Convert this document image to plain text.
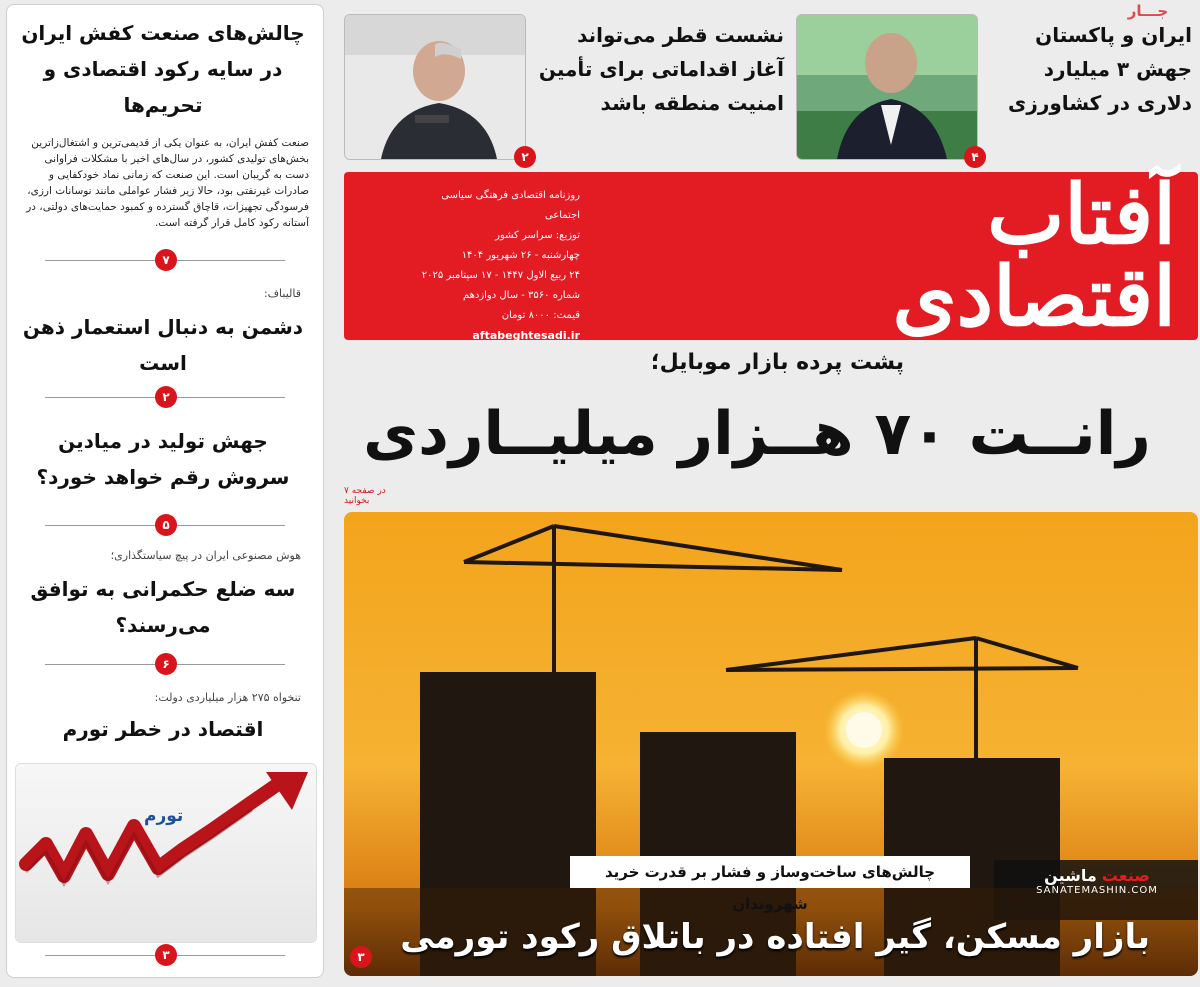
چالش‌های صنعت کفش ایران در سایه رکود اقتصادی و تحریم‌ها
صنعت کفش ایران، به عنوان یکی از قدیمی‌ترین و اشتغال‌زاترین بخش‌های تولیدی کشور، در سال‌های اخیر با مشکلات فراوانی دست به گریبان است. این صنعت که زمانی نماد خودکفایی و صادرات غیرنفتی بود، حالا زیر فشار عواملی مانند نوسانات ارزی، فرسودگی تجهیزات، قاچاق گسترده و کمبود حمایت‌های دولتی، در آستانه رکود کامل قرار گرفته است.
۷
قالیباف:
دشمن به دنبال استعمار ذهن است
۲
جهش تولید در میادین سروش رقم خواهد خورد؟
۵
هوش مصنوعی ایران در پیچ سیاستگذاری؛
سه ضلع حکمرانی به توافق می‌رسند؟
۶
تنخواه ۲۷۵ هزار میلیاردی دولت:
اقتصاد در خطر تورم
تورم
۳
جـــار
۴
ایران و پاکستان جهش ۳ میلیارد دلاری در کشاورزی
۲
نشست قطر می‌تواند آغاز اقداماتی برای تأمین امنیت منطقه باشد
آفتاب اقتصادی
روزنامه اقتصادی فرهنگی سیاسی اجتماعی
توزیع: سراسر کشور
چهارشنبه - ۲۶ شهریور ۱۴۰۴
۲۴ ربیع الاول ۱۴۴۷ - ۱۷ سپتامبر ۲۰۲۵
شماره ۳۵۶۰ - سال دوازدهم
قیمت: ۸۰۰۰ تومان
aftabeghtesadi.ir
پشت پرده بازار موبایل؛
رانــت ۷۰ هــزار میلیــاردی
در صفحه ۷ بخوانید
چالش‌های ساخت‌وساز و فشار بر قدرت خرید شهروندان
بازار مسکن، گیر افتاده در باتلاق رکود تورمی
۳
صنعت ماشین
SANATEMASHIN.COM
